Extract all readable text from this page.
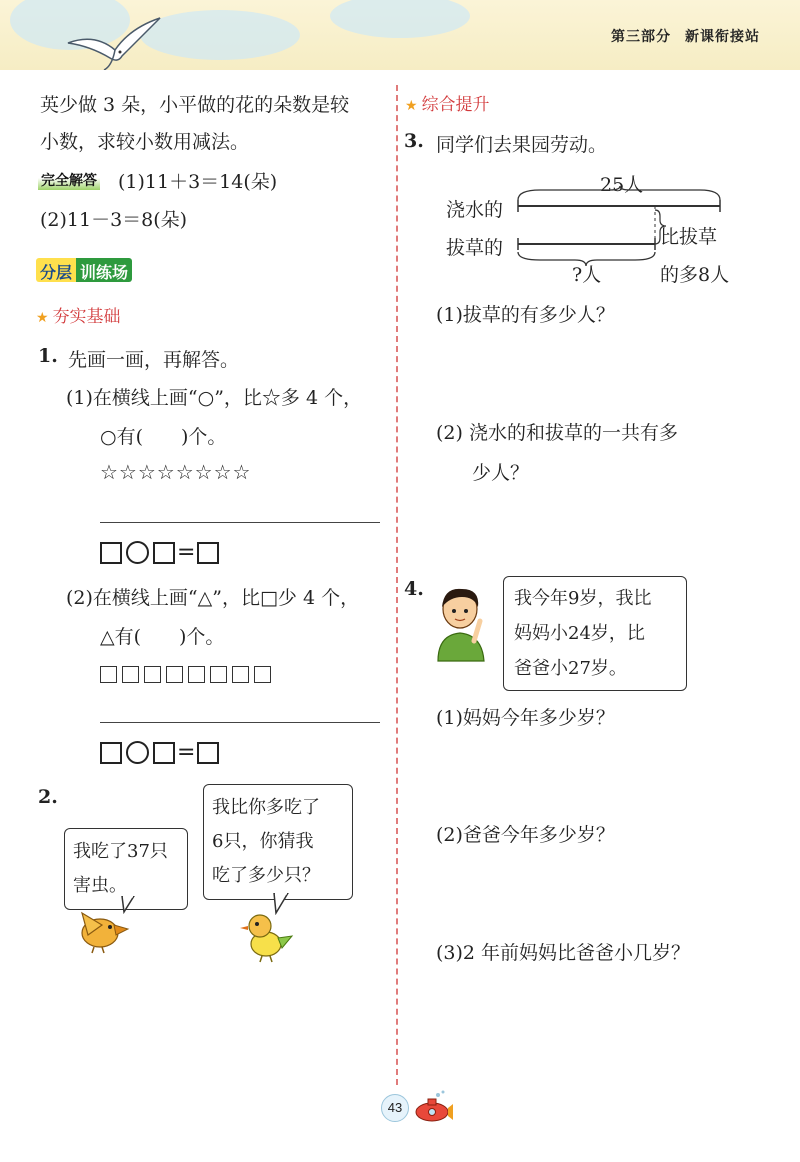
第三部分 新课衔接站
英少做 3 朵，小平做的花的朵数是较
小数，求较小数用减法。
完全解答 (1)11＋3＝14(朵)
(2)11－3＝8(朵)
分层 训练场
★ 夯实基础
1. 先画一画，再解答。
(1)在横线上画“○”，比☆多 4 个，
○有(　　)个。
☆☆☆☆☆☆☆☆
=
(2)在横线上画“△”，比□少 4 个，
△有(　　)个。
=
2.
我吃了37只
害虫。
我比你多吃了
6只，你猜我
吃了多少只？
★ 综合提升
3. 同学们去果园劳动。
25人
浇水的
拔草的
?人
比拔草
的多8人
(1)拔草的有多少人？
(2) 浇水的和拔草的一共有多
少人？
4.	我今年9岁，我比
妈妈小24岁，比
爸爸小27岁。
(1)妈妈今年多少岁？
(2)爸爸今年多少岁？
(3)2 年前妈妈比爸爸小几岁？
43
